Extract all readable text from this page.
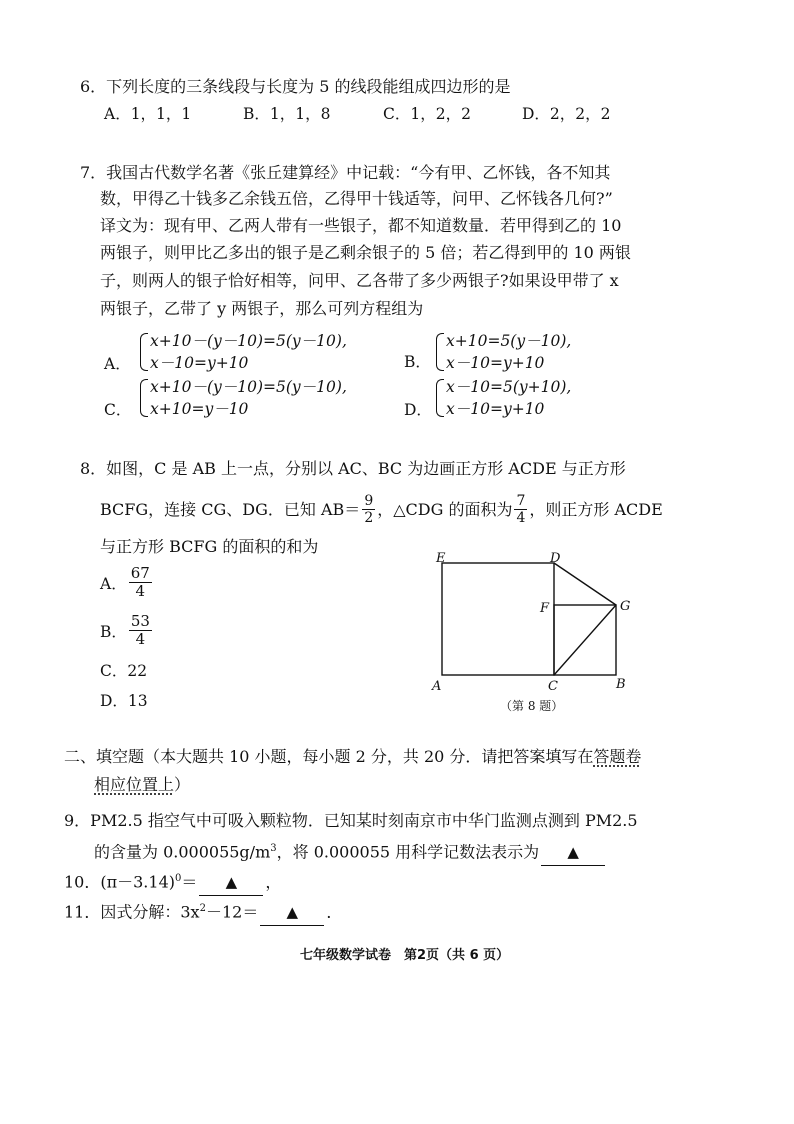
6．下列长度的三条线段与长度为 5 的线段能组成四边形的是
A．1，1，1	B．1，1，8	C．1，2，2	D．2，2，2
7．我国古代数学名著《张丘建算经》中记载：“今有甲、乙怀钱，各不知其
数，甲得乙十钱多乙余钱五倍，乙得甲十钱适等，问甲、乙怀钱各几何?”
译文为：现有甲、乙两人带有一些银子，都不知道数量．若甲得到乙的 10
两银子，则甲比乙多出的银子是乙剩余银子的 5 倍；若乙得到甲的 10 两银
子，则两人的银子恰好相等，问甲、乙各带了多少两银子?如果设甲带了 x
两银子，乙带了 y 两银子，那么可列方程组为
A．
x+10－(y－10)=5(y－10),
x－10=y+10	B．
x+10=5(y－10),
x－10=y+10
C．
x+10－(y－10)=5(y－10),
x+10=y－10	D．
x－10=5(y+10),
x－10=y+10
8．如图，C 是 AB 上一点，分别以 AC、BC 为边画正方形 ACDE 与正方形
BCFG，连接 CG、DG．已知 $AB= \frac{9}{2}$ ，△CDG 的面积为 $\frac{7}{4}$ ，则正方形 ACDE
与正方形 BCFG 的面积的和为
A． $\frac{67}{4}$
B． $\frac{53}{4}$
C．22
D．13
E	D
F	G
A	C	B
（第 8 题）
二、填空题（本大题共 10 小题，每小题 2 分，共 20 分．请把答案填写在答题卷
相应位置上）
9．PM2.5 指空气中可吸入颗粒物．已知某时刻南京市中华门监测点测到 PM2.5
的含量为 $0.000055g/m^3$，将 0.000055 用科学记数法表示为 ▲
10．$(\pi-3.14)^0=$ ▲ ，
11．因式分解：$3x^2-12=$ ▲ ．
七年级数学试卷　第2页（共 6 页）
